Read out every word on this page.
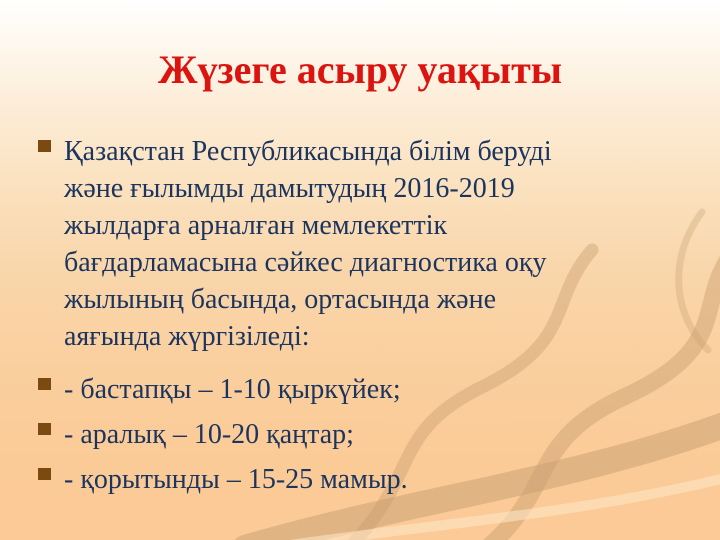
Жүзеге асыру уақыты
Қазақстан Республикасында білім беруді
және ғылымды дамытудың 2016-2019
жылдарға арналған мемлекеттік
бағдарламасына сәйкес диагностика оқу
жылының басында, ортасында және
аяғында жүргізіледі:
- бастапқы – 1-10 қыркүйек;
- аралық – 10-20 қаңтар;
- қорытынды – 15-25 мамыр.
